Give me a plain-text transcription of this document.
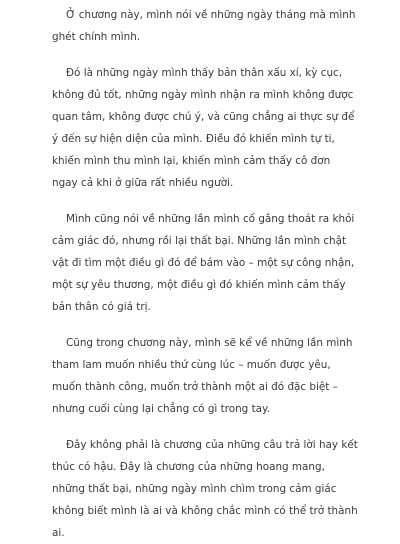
Ở chương này, mình nói về những ngày tháng mà mình ghét chính mình.

Đó là những ngày mình thấy bản thân xấu xí, kỳ cục, không đủ tốt, những ngày mình nhận ra mình không được quan tâm, không được chú ý, và cũng chẳng ai thực sự để ý đến sự hiện diện của mình. Điều đó khiến mình tự ti, khiến mình thu mình lại, khiến mình cảm thấy cô đơn ngay cả khi ở giữa rất nhiều người.

Mình cũng nói về những lần mình cố gắng thoát ra khỏi cảm giác đó, nhưng rồi lại thất bại. Những lần mình chật vật đi tìm một điều gì đó để bám vào – một sự công nhận, một sự yêu thương, một điều gì đó khiến mình cảm thấy bản thân có giá trị.

Cũng trong chương này, mình sẽ kể về những lần mình tham lam muốn nhiều thứ cùng lúc – muốn được yêu, muốn thành công, muốn trở thành một ai đó đặc biệt – nhưng cuối cùng lại chẳng có gì trong tay.

Đây không phải là chương của những câu trả lời hay kết thúc có hậu. Đây là chương của những hoang mang, những thất bại, những ngày mình chìm trong cảm giác không biết mình là ai và không chắc mình có thể trở thành ai.
